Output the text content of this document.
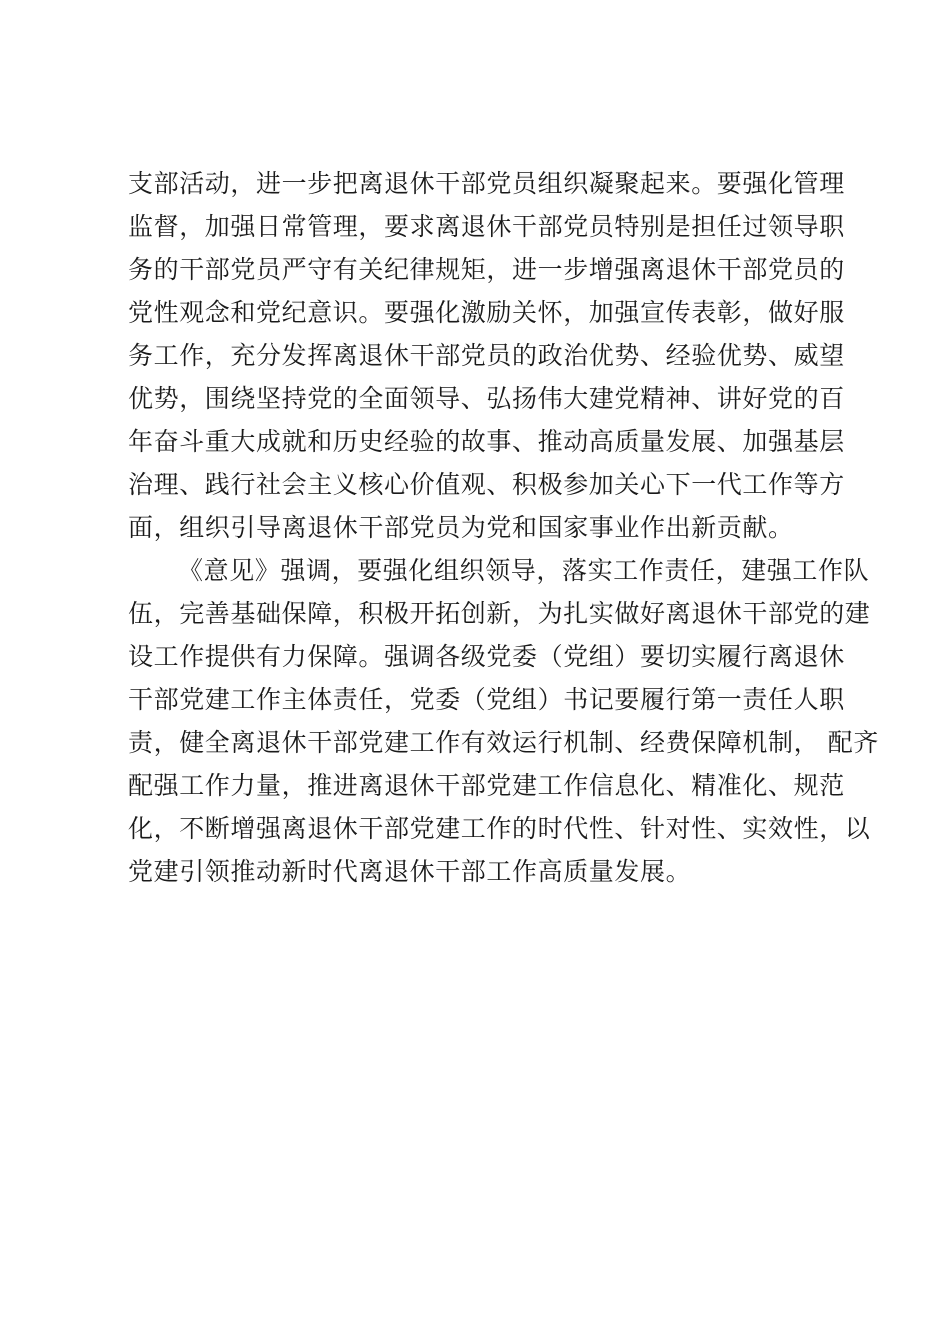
支部活动，进一步把离退休干部党员组织凝聚起来。要强化管理
监督，加强日常管理，要求离退休干部党员特别是担任过领导职
务的干部党员严守有关纪律规矩，进一步增强离退休干部党员的
党性观念和党纪意识。要强化激励关怀，加强宣传表彰，做好服
务工作，充分发挥离退休干部党员的政治优势、经验优势、威望
优势，围绕坚持党的全面领导、弘扬伟大建党精神、讲好党的百
年奋斗重大成就和历史经验的故事、推动高质量发展、加强基层
治理、践行社会主义核心价值观、积极参加关心下一代工作等方
面，组织引导离退休干部党员为党和国家事业作出新贡献。
《意见》强调，要强化组织领导，落实工作责任，建强工作队
伍，完善基础保障，积极开拓创新，为扎实做好离退休干部党的建
设工作提供有力保障。强调各级党委（党组）要切实履行离退休
干部党建工作主体责任，党委（党组）书记要履行第一责任人职
责，健全离退休干部党建工作有效运行机制、经费保障机制， 配齐
配强工作力量，推进离退休干部党建工作信息化、精准化、规范
化，不断增强离退休干部党建工作的时代性、针对性、实效性，以
党建引领推动新时代离退休干部工作高质量发展。
